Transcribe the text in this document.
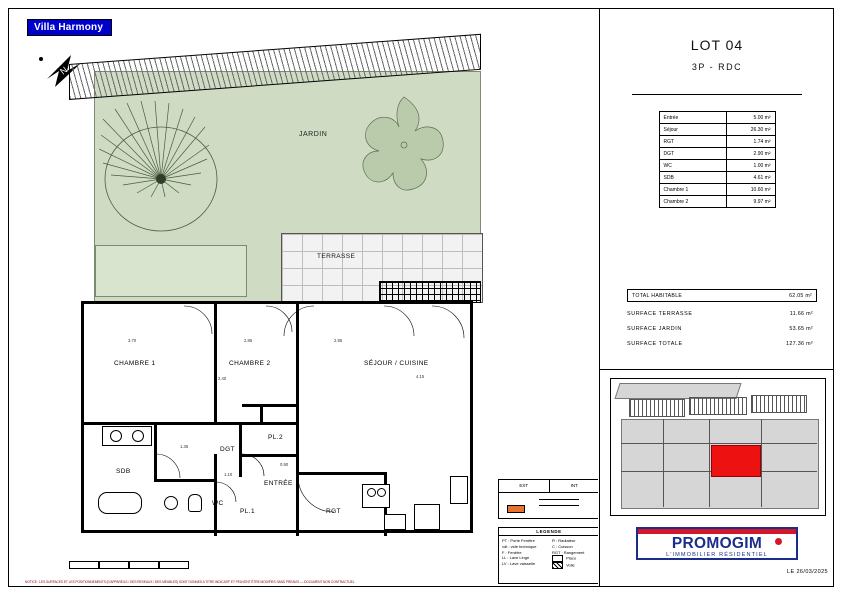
Villa Harmony
N
JARDIN
TERRASSE
CHAMBRE 1	CHAMBRE 2	SÉJOUR / CUISINE
SDB
WC
DGT
ENTRÉE
PL.1
PL.2
RGT
3.70	2.85	2.95
2.40
1.10
1.35
0.90
4.15
EXT	INT
LEGENDE
PT : Porte Fenêtre
vdt : vide technique
F : Fenêtre
LL : Lave Linge
LV : Lave vaisselle
R : Radiateur
C : Cuisson
RGT : Rangement
Placo
Voile
NOTICE : LES SURFACES ET LES POSITIONNEMENTS (D'APPAREILS / DES RESEAUX / DES MEUBLES) SONT DONNES A TITRE INDICATIF ET PEUVENT ÊTRE MODIFIES SANS PREAVIS — DOCUMENT NON CONTRACTUEL
LOT 04
3P - RDC
Entrée	5.00 m²
Séjour	26.30 m²
RGT	1.74 m²
DGT	2.90 m²
WC	1.00 m²
SDB	4.61 m²
Chambre 1	10.60 m²
Chambre 2	9.97 m²
TOTAL HABITABLE	62.05 m²
SURFACE TERRASSE	11.66 m²
SURFACE JARDIN	53.65 m²
SURFACE TOTALE	127.36 m²
PROMOGIM
L'IMMOBILIER RÉSIDENTIEL
LE 26/03/2025
